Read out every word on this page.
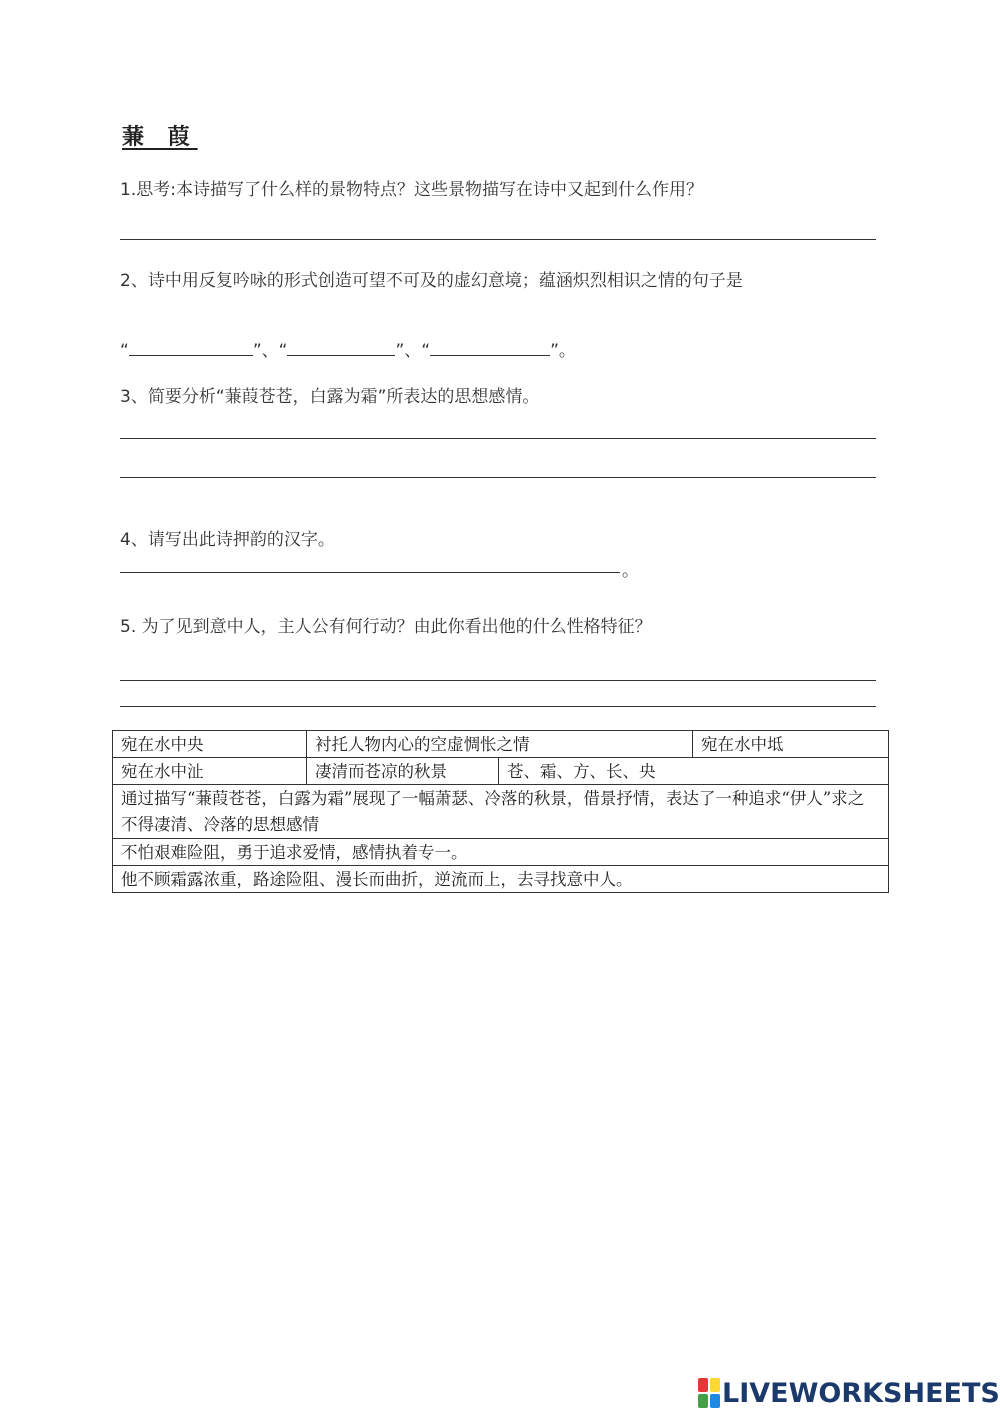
蒹 葭
1.思考:本诗描写了什么样的景物特点？这些景物描写在诗中又起到什么作用？
2、诗中用反复吟咏的形式创造可望不可及的虚幻意境；蕴涵炽烈相识之情的句子是
“	”、“	”、“	”。
3、简要分析“蒹葭苍苍，白露为霜”所表达的思想感情。
4、请写出此诗押韵的汉字。
。
5. 为了见到意中人，主人公有何行动？由此你看出他的什么性格特征？
宛在水中央	衬托人物内心的空虚惆怅之情		宛在水中坻
宛在水中沚	凄清而苍凉的秋景	苍、霜、方、长、央	
通过描写“蒹葭苍苍，白露为霜”展现了一幅萧瑟、冷落的秋景，借景抒情，表达了一种追求“伊人”求之不得凄清、冷落的思想感情			
不怕艰难险阻，勇于追求爱情，感情执着专一。			
他不顾霜露浓重，路途险阻、漫长而曲折，逆流而上，去寻找意中人。			
LIVEWORKSHEETS
